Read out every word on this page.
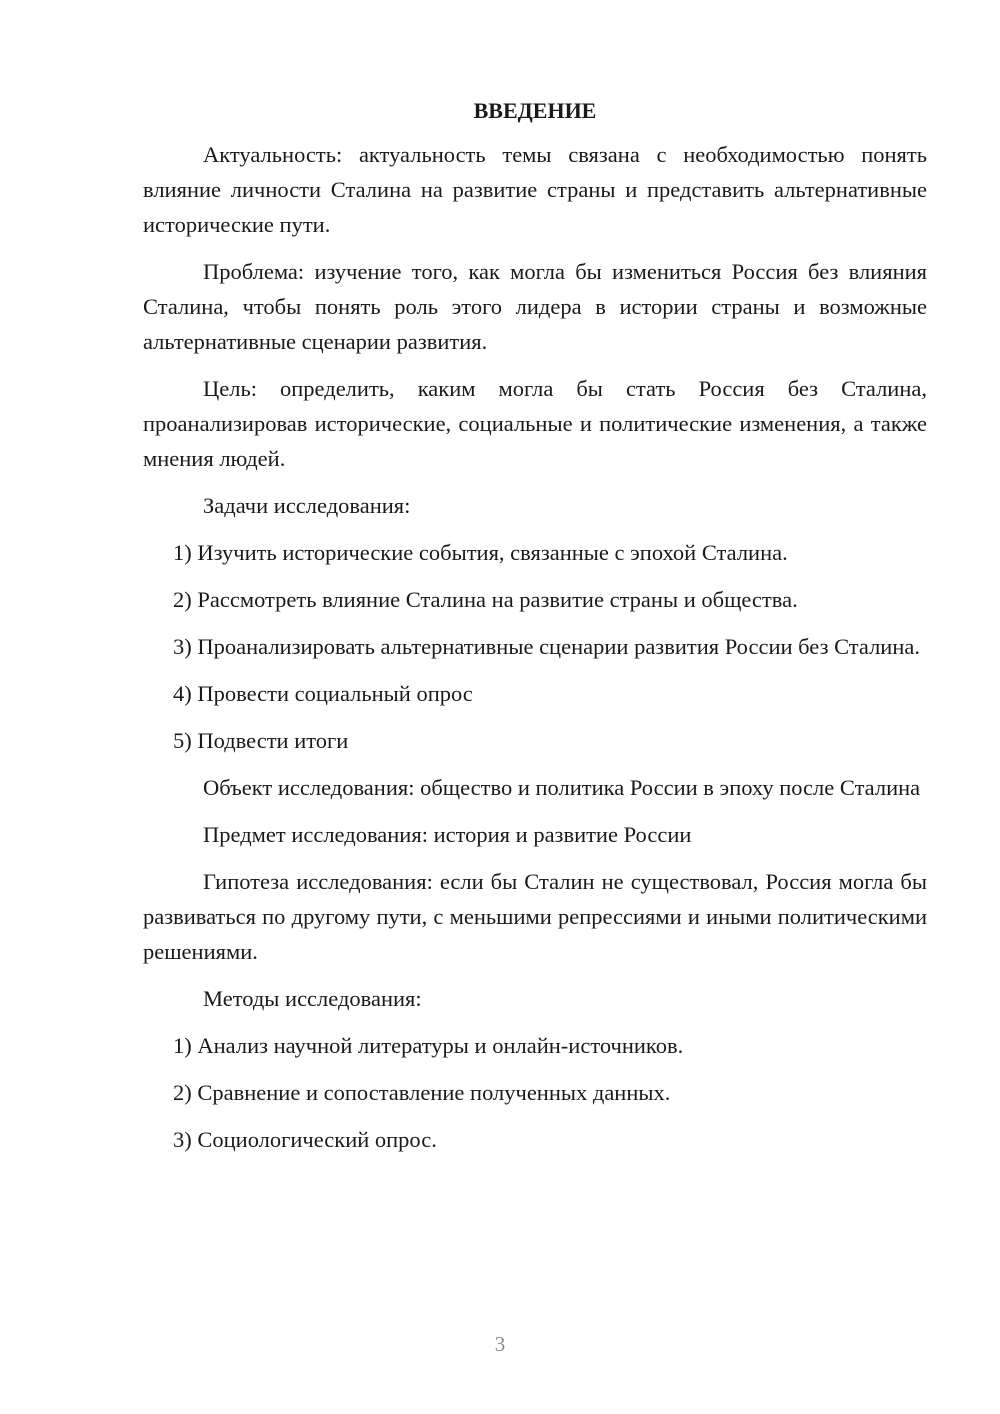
ВВЕДЕНИЕ

Актуальность: актуальность темы связана с необходимостью понять влияние личности Сталина на развитие страны и представить альтернативные исторические пути.

Проблема: изучение того, как могла бы измениться Россия без влияния Сталина, чтобы понять роль этого лидера в истории страны и возможные альтернативные сценарии развития.

Цель: определить, каким могла бы стать Россия без Сталина, проанализировав исторические, социальные и политические изменения, а также мнения людей.

Задачи исследования:

1) Изучить исторические события, связанные с эпохой Сталина.

2) Рассмотреть влияние Сталина на развитие страны и общества.

3) Проанализировать альтернативные сценарии развития России без Сталина.

4) Провести социальный опрос

5) Подвести итоги

Объект исследования: общество и политика России в эпоху после Сталина

Предмет исследования: история и развитие России

Гипотеза исследования: если бы Сталин не существовал, Россия могла бы развиваться по другому пути, с меньшими репрессиями и иными политическими решениями.

Методы исследования:

1) Анализ научной литературы и онлайн-источников.

2) Сравнение и сопоставление полученных данных.

3) Социологический опрос.

3
